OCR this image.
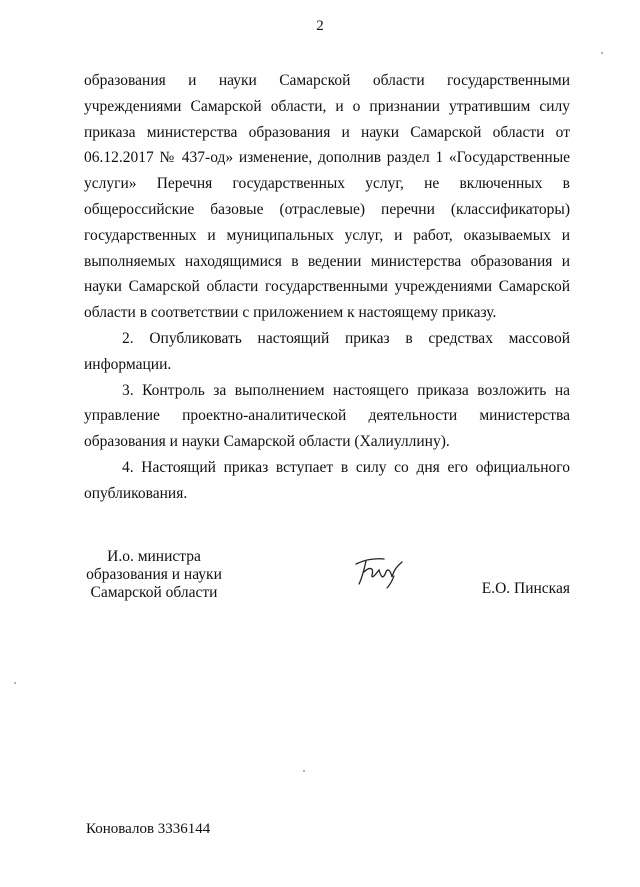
2

образования и науки Самарской области государственными учреждениями Самарской области, и о признании утратившим силу приказа министерства образования и науки Самарской области от 06.12.2017 № 437-од» изменение, дополнив раздел 1 «Государственные услуги» Перечня государственных услуг, не включенных в общероссийские базовые (отраслевые) перечни (классификаторы) государственных и муниципальных услуг, и работ, оказываемых и выполняемых находящимися в ведении министерства образования и науки Самарской области государственными учреждениями Самарской области в соответствии с приложением к настоящему приказу.

2. Опубликовать настоящий приказ в средствах массовой информации.

3. Контроль за выполнением настоящего приказа возложить на управление проектно-аналитической деятельности министерства образования и науки Самарской области (Халиуллину).

4. Настоящий приказ вступает в силу со дня его официального опубликования.

И.о. министра
образования и науки
Самарской области	Е.О. Пинская
Коновалов 3336144
